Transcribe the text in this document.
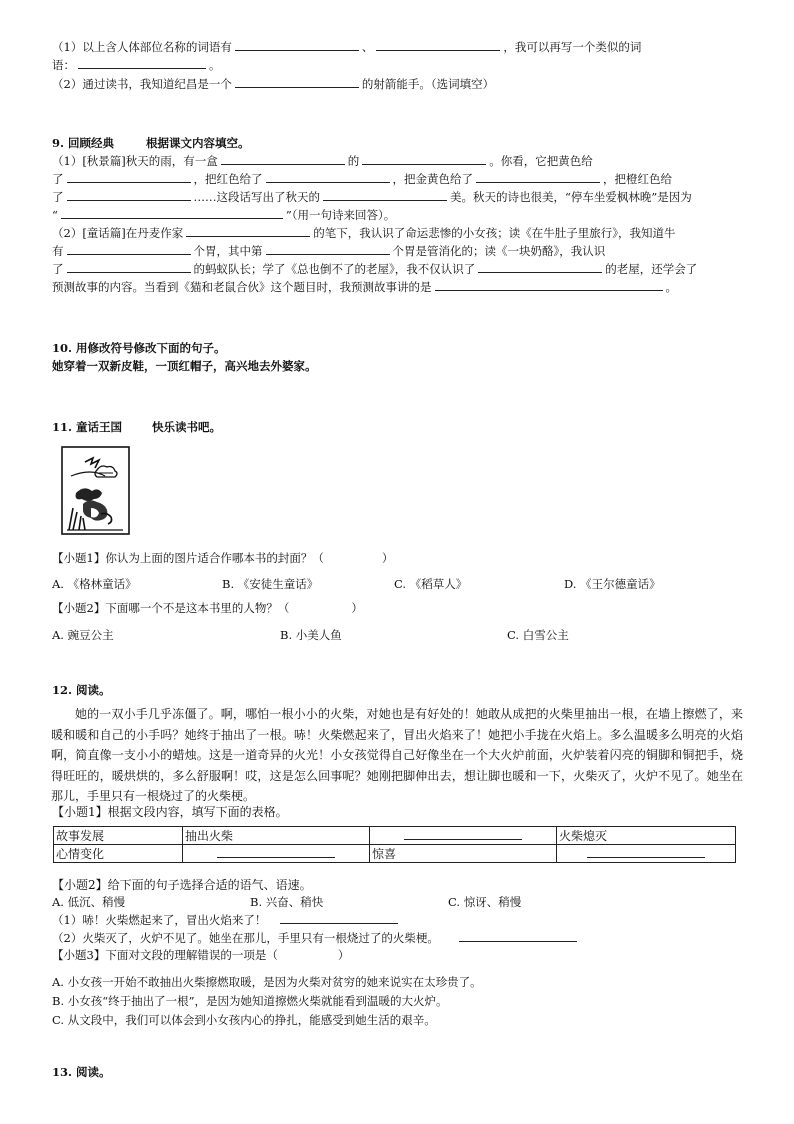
（1）以上含人体部位名称的词语有	、	，我可以再写一个类似的词
语：	。
（2）通过读书，我知道纪昌是一个	的射箭能手。（选词填空）
9. 回顾经典	根据课文内容填空。
（1）[秋景篇]秋天的雨，有一盒	的	。你看，它把黄色给
了	，把红色给了	，把金黄色给了	，把橙红色给
了	……这段话写出了秋天的	美。秋天的诗也很美，“停车坐爱枫林晚”是因为
“	”（用一句诗来回答）。
（2）[童话篇]在丹麦作家	的笔下，我认识了命运悲惨的小女孩；读《在牛肚子里旅行》，我知道牛
有	个胃，其中第	个胃是管消化的；读《一块奶酪》，我认识
了	的蚂蚁队长；学了《总也倒不了的老屋》，我不仅认识了	的老屋，还学会了
预测故事的内容。当看到《猫和老鼠合伙》这个题目时，我预测故事讲的是	。
10. 用修改符号修改下面的句子。
她穿着一双新皮鞋，一顶红帽子，高兴地去外婆家。
11. 童话王国	快乐读书吧。
【小题1】你认为上面的图片适合作哪本书的封面？（	）
A. 《格林童话》	B. 《安徒生童话》	C. 《稻草人》	D. 《王尔德童话》
【小题2】下面哪一个不是这本书里的人物？（	）
A. 豌豆公主	B. 小美人鱼	C. 白雪公主
12. 阅读。
她的一双小手几乎冻僵了。啊，哪怕一根小小的火柴，对她也是有好处的！她敢从成把的火柴里抽出一根，在墙上擦燃了，来暖和暖和自己的小手吗？她终于抽出了一根。哧！火柴燃起来了，冒出火焰来了！她把小手拢在火焰上。多么温暖多么明亮的火焰啊，简直像一支小小的蜡烛。这是一道奇异的火光！小女孩觉得自己好像坐在一个大火炉前面，火炉装着闪亮的铜脚和铜把手，烧得旺旺的，暖烘烘的，多么舒服啊！哎，这是怎么回事呢？她刚把脚伸出去，想让脚也暖和一下，火柴灭了，火炉不见了。她坐在那儿，手里只有一根烧过了的火柴梗。
【小题1】根据文段内容，填写下面的表格。
故事发展	抽出火柴		火柴熄灭
心情变化		惊喜	
【小题2】给下面的句子选择合适的语气、语速。
A. 低沉、稍慢	B. 兴奋、稍快	C. 惊讶、稍慢
（1）哧！火柴燃起来了，冒出火焰来了！
（2）火柴灭了，火炉不见了。她坐在那儿，手里只有一根烧过了的火柴梗。
【小题3】下面对文段的理解错误的一项是（	）
A. 小女孩一开始不敢抽出火柴擦燃取暖，是因为火柴对贫穷的她来说实在太珍贵了。
B. 小女孩“终于抽出了一根”，是因为她知道擦燃火柴就能看到温暖的大火炉。
C. 从文段中，我们可以体会到小女孩内心的挣扎，能感受到她生活的艰辛。
13. 阅读。
